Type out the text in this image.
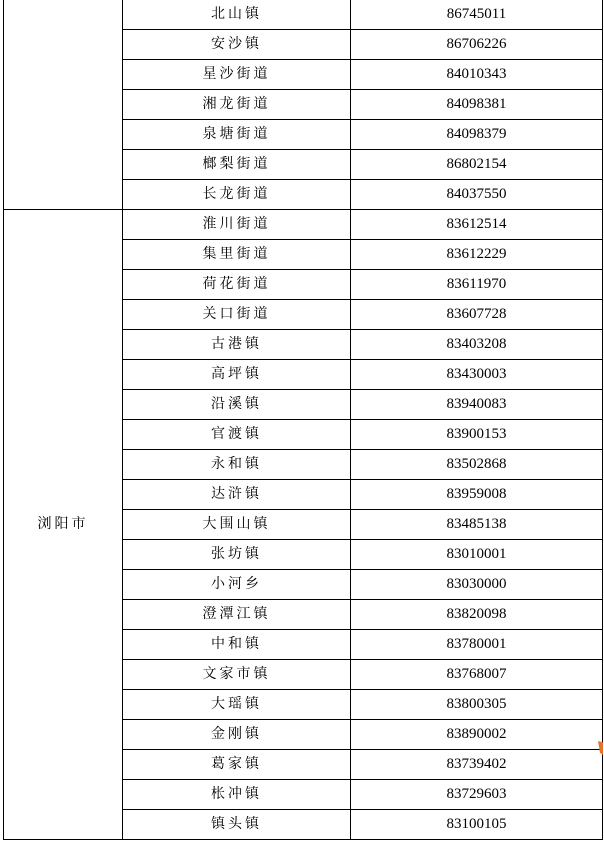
	北山镇	86745011
	安沙镇	86706226
	星沙街道	84010343
	湘龙街道	84098381
	泉塘街道	84098379
	榔梨街道	86802154
	长龙街道	84037550
浏阳市	淮川街道	83612514
	集里街道	83612229
	荷花街道	83611970
	关口街道	83607728
	古港镇	83403208
	高坪镇	83430003
	沿溪镇	83940083
	官渡镇	83900153
	永和镇	83502868
	达浒镇	83959008
	大围山镇	83485138
	张坊镇	83010001
	小河乡	83030000
	澄潭江镇	83820098
	中和镇	83780001
	文家市镇	83768007
	大瑶镇	83800305
	金刚镇	83890002
	葛家镇	83739402
	枨冲镇	83729603
	镇头镇	83100105
